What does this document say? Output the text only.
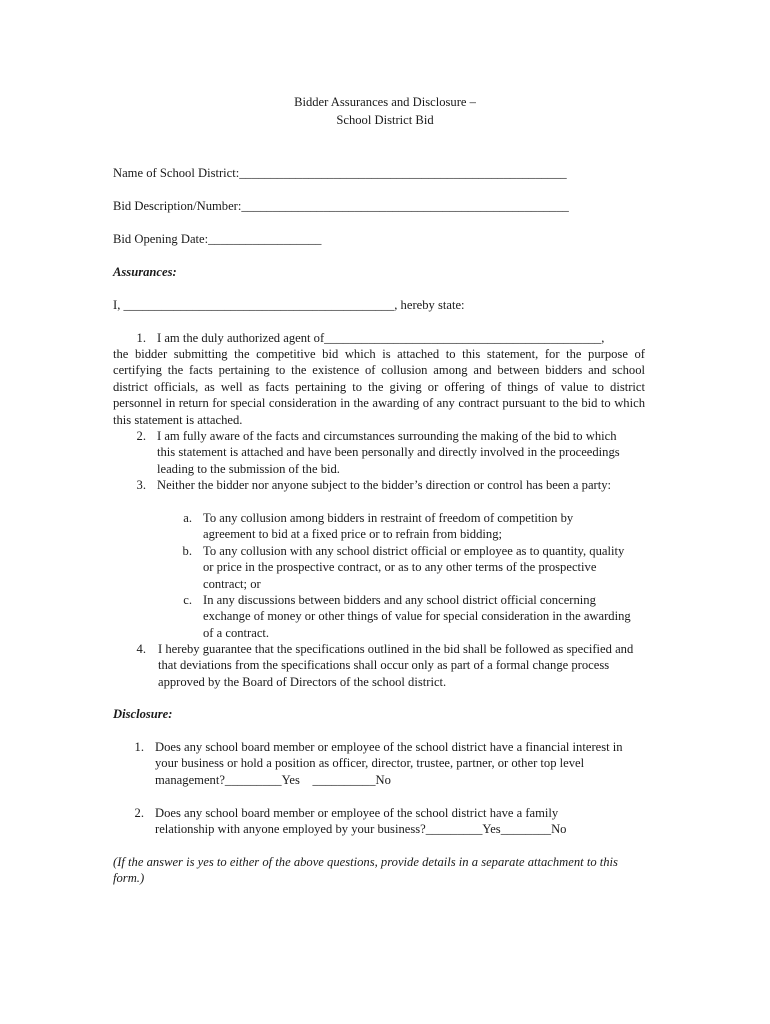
Bidder Assurances and Disclosure –
School District Bid
Name of School District:____________________________________________________
Bid Description/Number:____________________________________________________
Bid Opening Date:__________________
Assurances:
I, ___________________________________________, hereby state:
1. I am the duly authorized agent of____________________________________________,
the bidder submitting the competitive bid which is attached to this statement, for the purpose of certifying the facts pertaining to the existence of collusion among and between bidders and school district officials, as well as facts pertaining to the giving or offering of things of value to district personnel in return for special consideration in the awarding of any contract pursuant to the bid to which this statement is attached.
2. I am fully aware of the facts and circumstances surrounding the making of the bid to which this statement is attached and have been personally and directly involved in the proceedings leading to the submission of the bid.
3. Neither the bidder nor anyone subject to the bidder’s direction or control has been a party:
a. To any collusion among bidders in restraint of freedom of competition by agreement to bid at a fixed price or to refrain from bidding;
b. To any collusion with any school district official or employee as to quantity, quality or price in the prospective contract, or as to any other terms of the prospective contract; or
c. In any discussions between bidders and any school district official concerning exchange of money or other things of value for special consideration in the awarding of a contract.
4. I hereby guarantee that the specifications outlined in the bid shall be followed as specified and that deviations from the specifications shall occur only as part of a formal change process approved by the Board of Directors of the school district.
Disclosure:
1. Does any school board member or employee of the school district have a financial interest in your business or hold a position as officer, director, trustee, partner, or other top level management?_________Yes    __________No
2. Does any school board member or employee of the school district have a family relationship with anyone employed by your business?_________Yes________No
(If the answer is yes to either of the above questions, provide details in a separate attachment to this form.)
